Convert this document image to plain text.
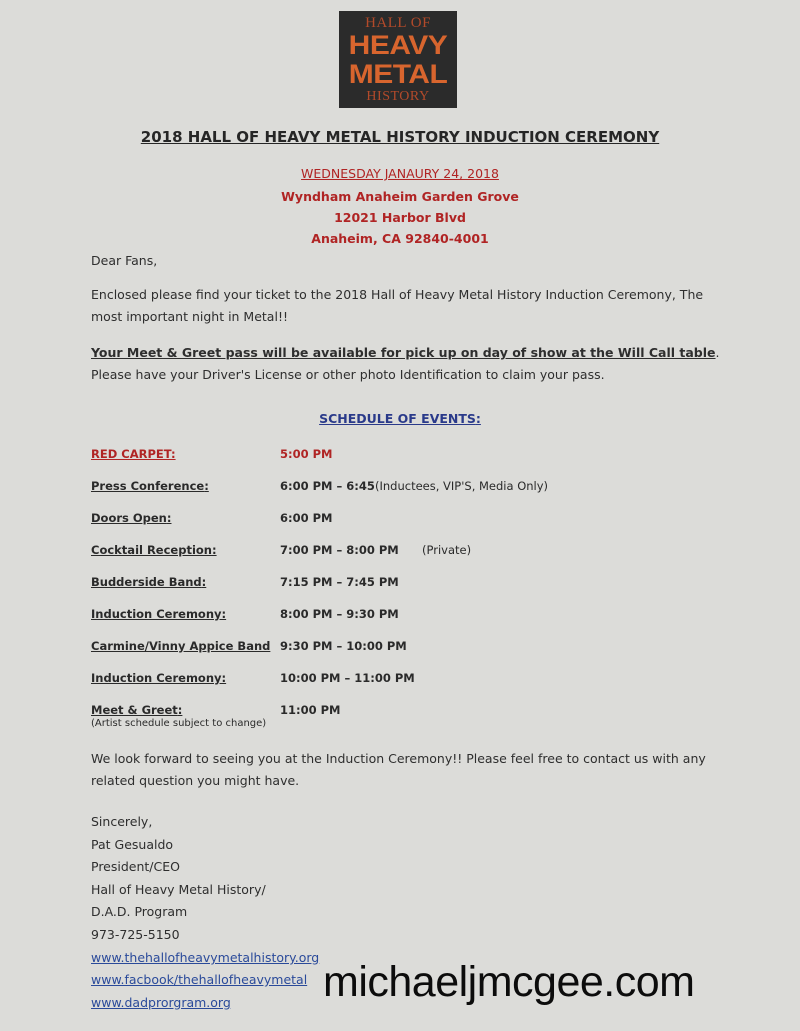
HALL OF
HEAVY
METAL
HISTORY
2018 HALL OF HEAVY METAL HISTORY INDUCTION CEREMONY
WEDNESDAY JANAURY 24, 2018
Wyndham Anaheim Garden Grove
12021 Harbor Blvd
Anaheim, CA 92840-4001
Dear Fans,
Enclosed please find your ticket to the 2018 Hall of Heavy Metal History Induction Ceremony, The most important night in Metal!!
Your Meet & Greet pass will be available for pick up on day of show at the Will Call table. Please have your Driver's License or other photo Identification to claim your pass.
SCHEDULE OF EVENTS:
RED CARPET:	5:00 PM
Press Conference:	6:00 PM – 6:45 (Inductees, VIP'S, Media Only)
Doors Open:	6:00 PM
Cocktail Reception:	7:00 PM – 8:00 PM (Private)
Budderside Band:	7:15 PM – 7:45 PM
Induction Ceremony:	8:00 PM – 9:30 PM
Carmine/Vinny Appice Band 9:30 PM – 10:00 PM
Induction Ceremony:	10:00 PM – 11:00 PM
Meet & Greet:	11:00 PM
(Artist schedule subject to change)
We look forward to seeing you at the Induction Ceremony!! Please feel free to contact us with any related question you might have.
Sincerely,
Pat Gesualdo
President/CEO
Hall of Heavy Metal History/
D.A.D. Program
973-725-5150
www.thehallofheavymetalhistory.org
www.facbook/thehallofheavymetal
www.dadprorgram.org michaeljmcgee.com
